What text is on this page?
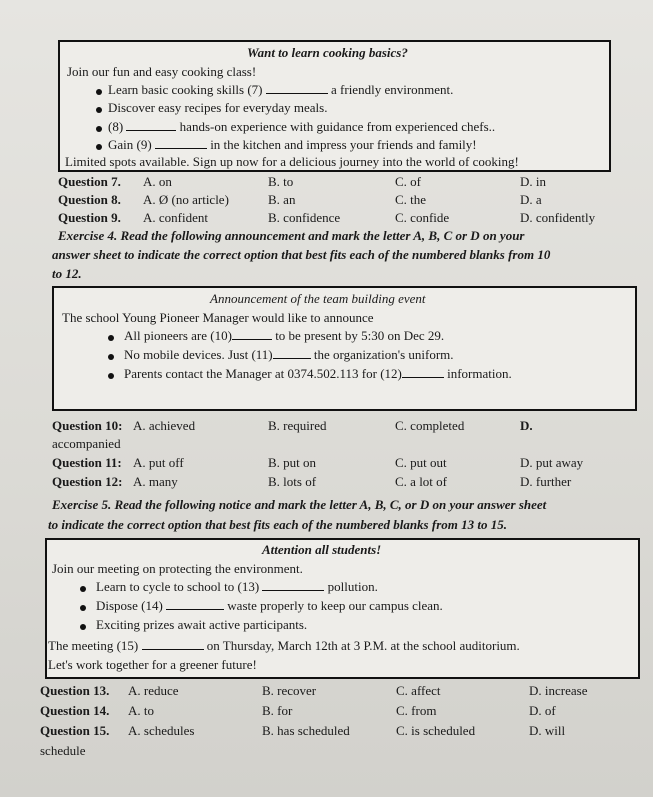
Want to learn cooking basics?
Join our fun and easy cooking class!
Learn basic cooking skills (7)	a friendly environment.
Discover easy recipes for everyday meals.
(8)	hands-on experience with guidance from experienced chefs..
Gain (9)	in the kitchen and impress your friends and family!
Limited spots available. Sign up now for a delicious journey into the world of cooking!
Question 7. A. on	B. to	C. of	D. in
Question 8. A. Ø (no article)	B. an	C. the	D. a
Question 9. A. confident	B. confidence	C. confide	D. confidently
Exercise 4. Read the following announcement and mark the letter A, B, C or D on your
answer sheet to indicate the correct option that best fits each of the numbered blanks from 10
to 12.
Announcement of the team building event
The school Young Pioneer Manager would like to announce
All pioneers are (10)	to be present by 5:30 on Dec 29.
No mobile devices. Just (11)	the organization's uniform.
Parents contact the Manager at 0374.502.113 for (12)	information.
Question 10: A. achieved	B. required	C. completed	D.
accompanied
Question 11: A. put off	B. put on	C. put out	D. put away
Question 12: A. many	B. lots of	C. a lot of	D. further
Exercise 5. Read the following notice and mark the letter A, B, C, or D on your answer sheet
to indicate the correct option that best fits each of the numbered blanks from 13 to 15.
Attention all students!
Join our meeting on protecting the environment.
Learn to cycle to school to (13)	pollution.
Dispose (14)	waste properly to keep our campus clean.
Exciting prizes await active participants.
The meeting (15)	on Thursday, March 12th at 3 P.M. at the school auditorium.
Let's work together for a greener future!
Question 13. A. reduce	B. recover	C. affect	D. increase
Question 14. A. to	B. for	C. from	D. of
Question 15. A. schedules	B. has scheduled	C. is scheduled	D. will
schedule
